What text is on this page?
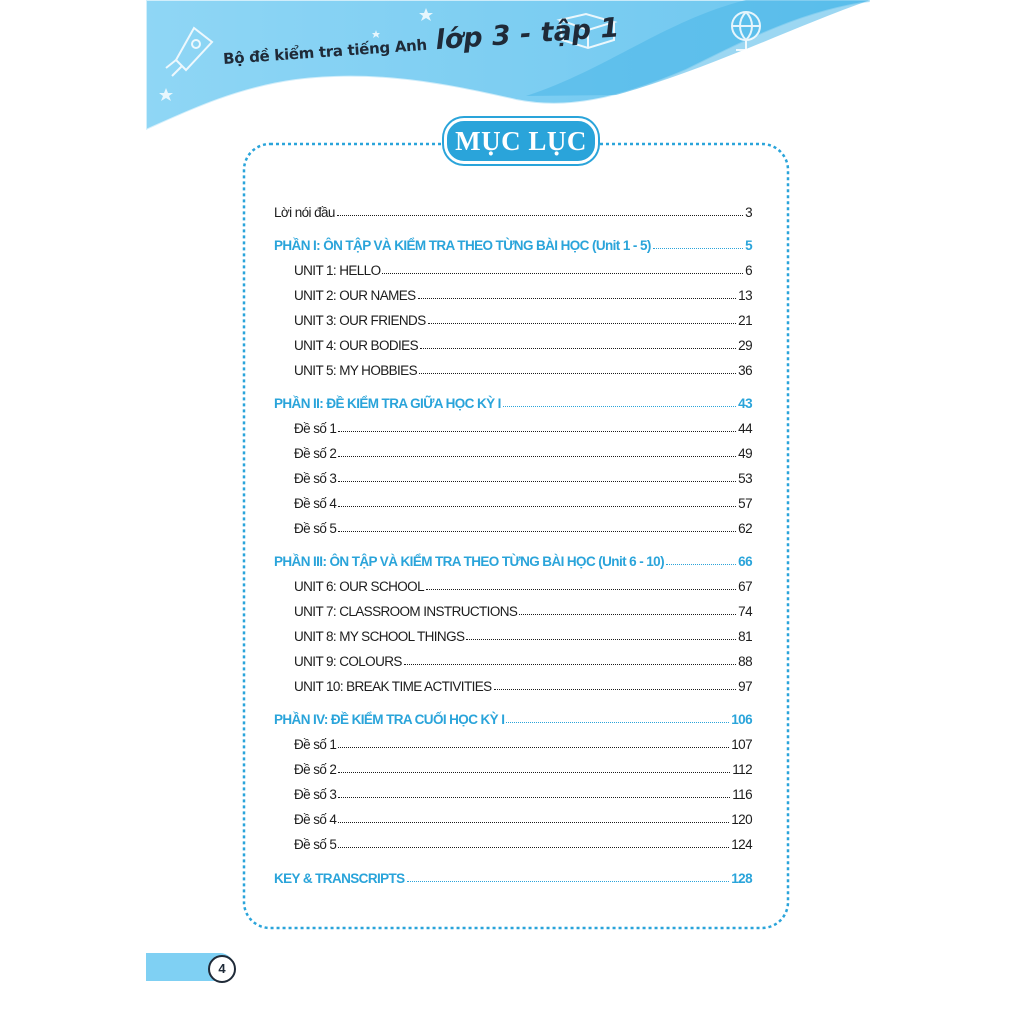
Bộ đề kiểm tra tiếng Anh lớp 3 - tập 1
MỤC LỤC
Lời nói đầu	3
PHẦN I: ÔN TẬP VÀ KIỂM TRA THEO TỪNG BÀI HỌC (Unit 1 - 5)	5
UNIT 1: HELLO	6
UNIT 2: OUR NAMES	13
UNIT 3: OUR FRIENDS	21
UNIT 4: OUR BODIES	29
UNIT 5: MY HOBBIES	36
PHẦN II: ĐỀ KIỂM TRA GIỮA HỌC KỲ I	43
Đề số 1	44
Đề số 2	49
Đề số 3	53
Đề số 4	57
Đề số 5	62
PHẦN III: ÔN TẬP VÀ KIỂM TRA THEO TỪNG BÀI HỌC (Unit 6 - 10)	66
UNIT 6: OUR SCHOOL	67
UNIT 7: CLASSROOM INSTRUCTIONS	74
UNIT 8: MY SCHOOL THINGS	81
UNIT 9: COLOURS	88
UNIT 10: BREAK TIME ACTIVITIES	97
PHẦN IV: ĐỀ KIỂM TRA CUỐI HỌC KỲ I	106
Đề số 1	107
Đề số 2	112
Đề số 3	116
Đề số 4	120
Đề số 5	124
KEY & TRANSCRIPTS	128
4
